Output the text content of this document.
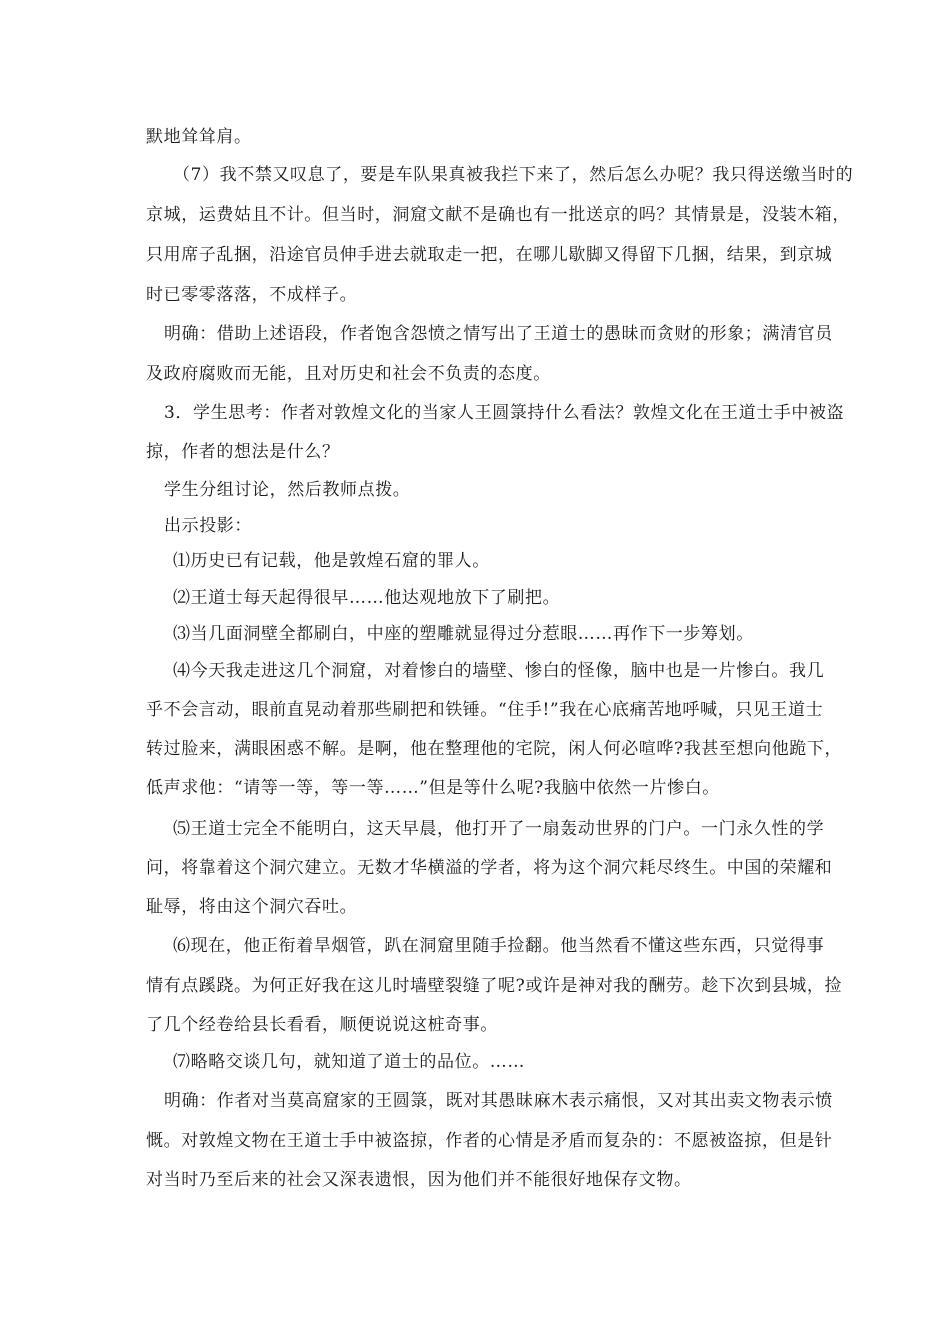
默地耸耸肩。
（7）我不禁又叹息了，要是车队果真被我拦下来了，然后怎么办呢？我只得送缴当时的
京城，运费姑且不计。但当时，洞窟文献不是确也有一批送京的吗？其情景是，没装木箱，
只用席子乱捆，沿途官员伸手进去就取走一把，在哪儿歇脚又得留下几捆，结果，到京城
时已零零落落，不成样子。
明确：借助上述语段，作者饱含怨愤之情写出了王道士的愚昧而贪财的形象；满清官员
及政府腐败而无能，且对历史和社会不负责的态度。
3．学生思考：作者对敦煌文化的当家人王圆箓持什么看法？敦煌文化在王道士手中被盗
掠，作者的想法是什么？
学生分组讨论，然后教师点拨。
出示投影：
⑴历史已有记载，他是敦煌石窟的罪人。
⑵王道士每天起得很早……他达观地放下了刷把。
⑶当几面洞壁全都刷白，中座的塑雕就显得过分惹眼……再作下一步筹划。
⑷今天我走进这几个洞窟，对着惨白的墙壁、惨白的怪像，脑中也是一片惨白。我几
乎不会言动，眼前直晃动着那些刷把和铁锤。“住手!”我在心底痛苦地呼喊，只见王道士
转过脸来，满眼困惑不解。是啊，他在整理他的宅院，闲人何必喧哗?我甚至想向他跪下，
低声求他：“请等一等，等一等……”但是等什么呢?我脑中依然一片惨白。
⑸王道士完全不能明白，这天早晨，他打开了一扇轰动世界的门户。一门永久性的学
问，将靠着这个洞穴建立。无数才华横溢的学者，将为这个洞穴耗尽终生。中国的荣耀和
耻辱，将由这个洞穴吞吐。
⑹现在，他正衔着旱烟管，趴在洞窟里随手捡翻。他当然看不懂这些东西，只觉得事
情有点蹊跷。为何正好我在这儿时墙壁裂缝了呢?或许是神对我的酬劳。趁下次到县城，捡
了几个经卷给县长看看，顺便说说这桩奇事。
⑺略略交谈几句，就知道了道士的品位。……
明确：作者对当莫高窟家的王圆箓，既对其愚昧麻木表示痛恨，又对其出卖文物表示愤
慨。对敦煌文物在王道士手中被盗掠，作者的心情是矛盾而复杂的：不愿被盗掠，但是针
对当时乃至后来的社会又深表遗恨，因为他们并不能很好地保存文物。
